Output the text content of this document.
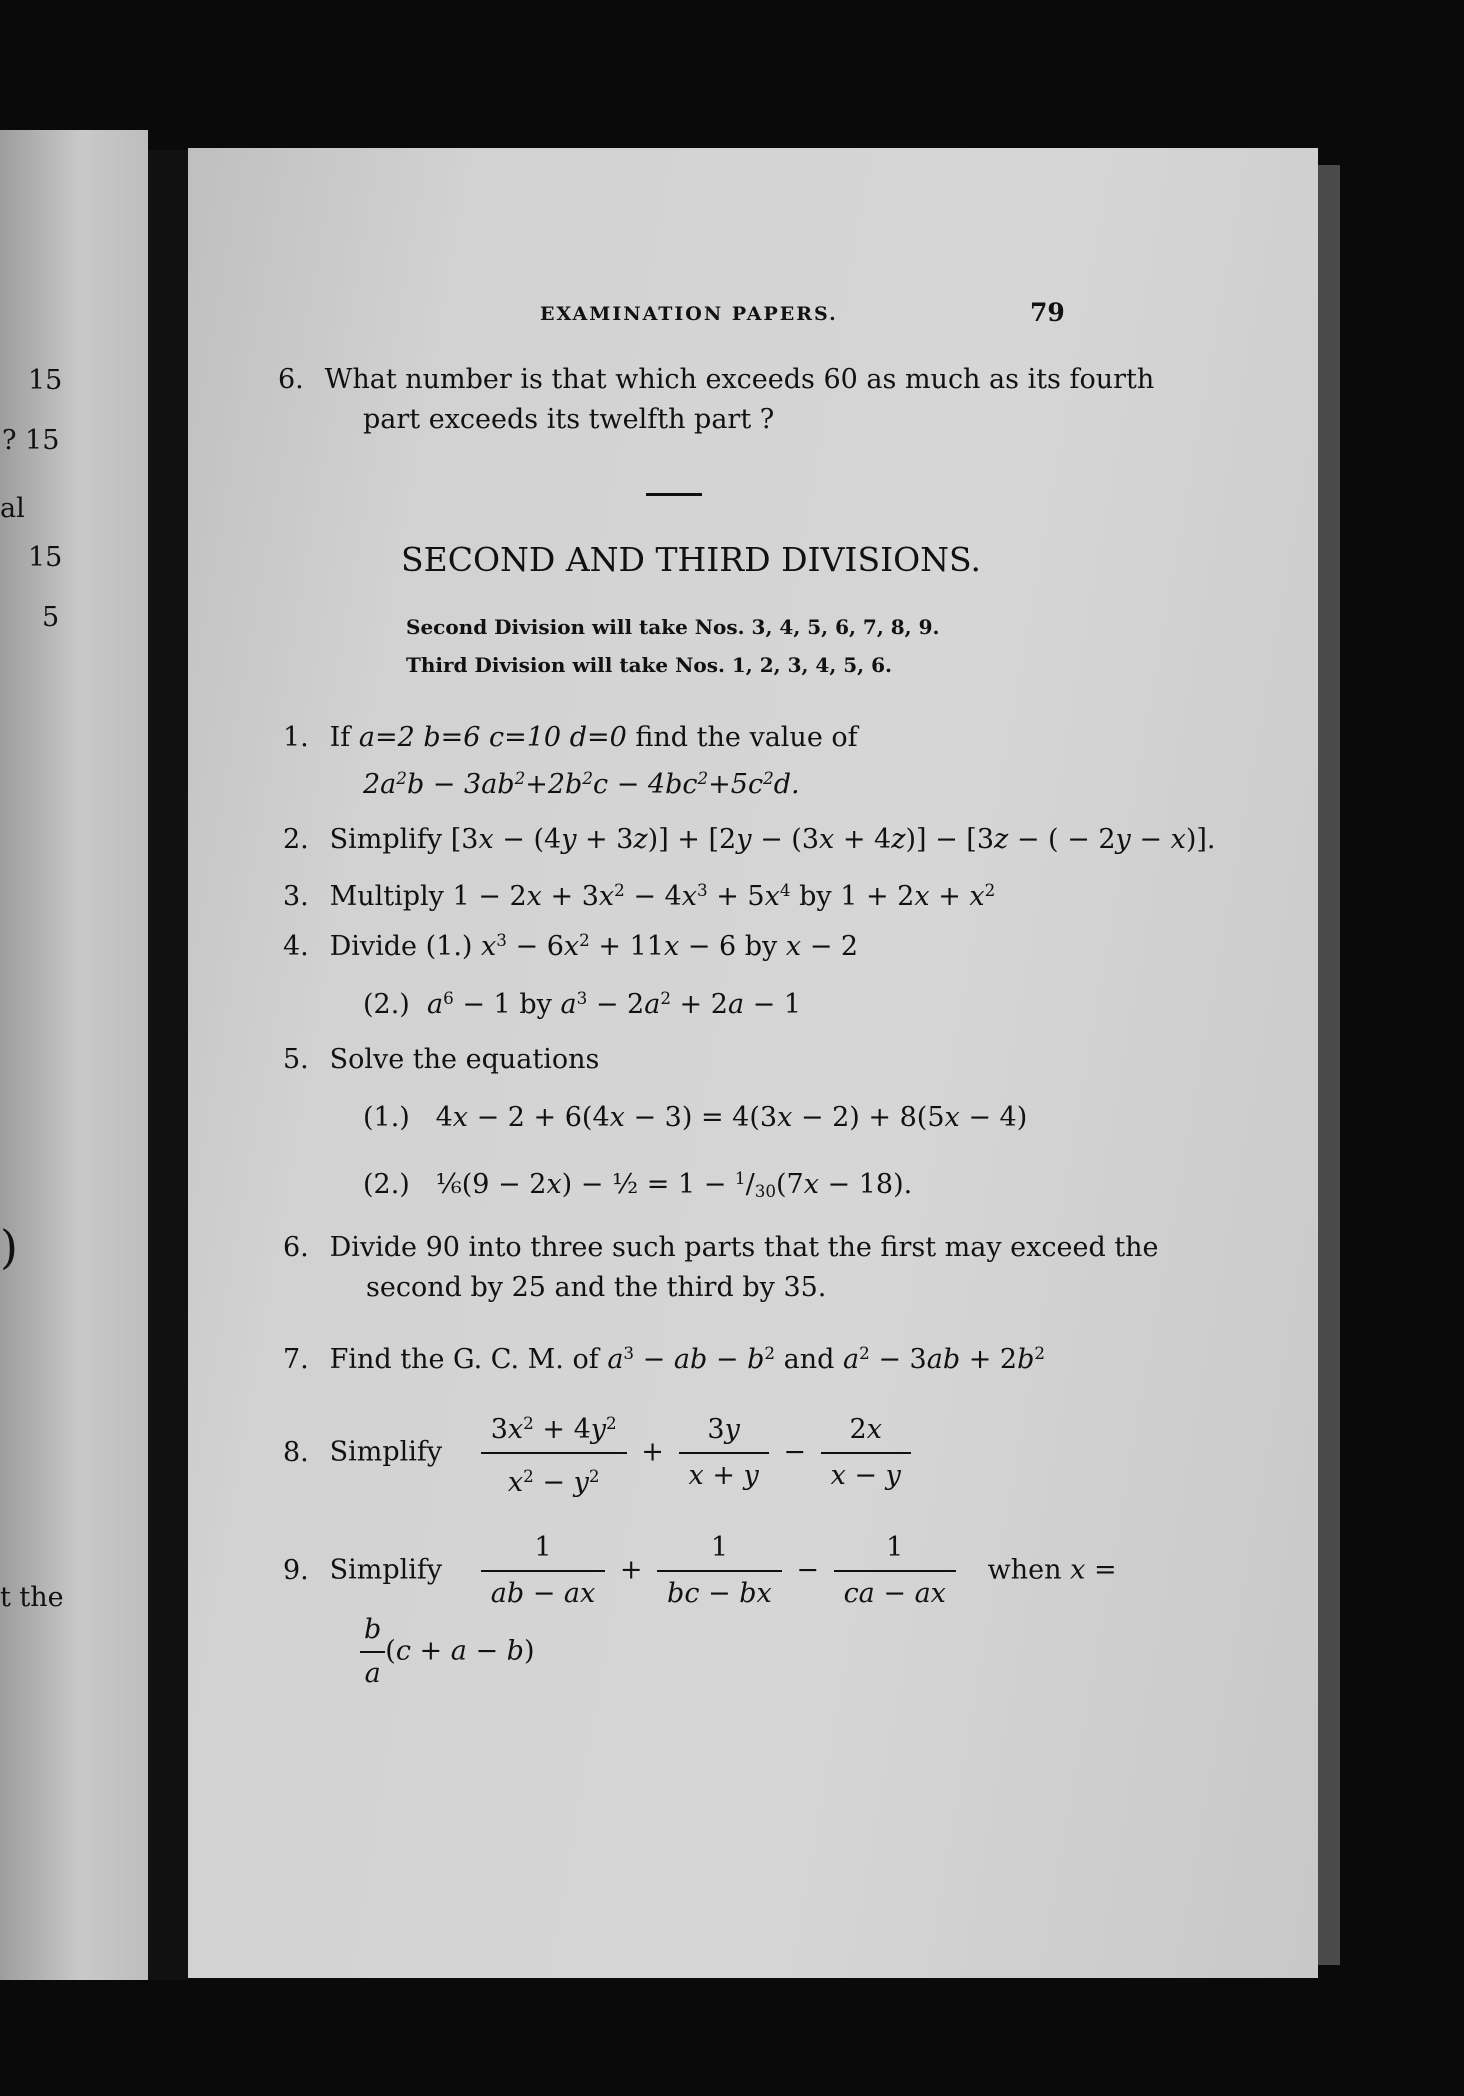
15
? 15
al
15
5
)
t the
EXAMINATION PAPERS.	79
6. What number is that which exceeds 60 as much as its fourth
part exceeds its twelfth part ?
SECOND AND THIRD DIVISIONS.
Second Division will take Nos. 3, 4, 5, 6, 7, 8, 9.
Third Division will take Nos. 1, 2, 3, 4, 5, 6.
1. If a=2 b=6 c=10 d=0 find the value of
$2a^2b - 3ab^2+2b^2c - 4bc^2+5c^2d$.
2. Simplify [3x − (4y + 3z)] + [2y − (3x + 4z)] − [3z − ( − 2y − x)].
3. Multiply $1 - 2x + 3x^2 - 4x^3 + 5x^4$ by $1 + 2x + x^2$
4. Divide (1.) $x^3 - 6x^2 + 11x - 6$ by x − 2
(2.) $a^6 - 1$ by $a^3 - 2a^2 + 2a - 1$
5. Solve the equations
(1.) 4x − 2 + 6(4x − 3) = 4(3x − 2) + 8(5x − 4)
(2.) ⅙(9 − 2x) − ½ = $1 - ^1/_{30}(7x - 18)$.
6. Divide 90 into three such parts that the first may exceed the
second by 25 and the third by 35.
7. Find the G. C. M. of $a^3$ − ab − $b^2$ and $a^2 - 3ab + 2b^2$
8. Simplify $\frac{3x^2 + 4y^2}{x^2 - y^2} + \frac{3y}{x + y} - \frac{2x}{x - y}$
9. Simplify $\frac{1}{ab - ax} + \frac{1}{bc - bx} - \frac{1}{ca - ax}$ when x =
$\frac{b}{a} (c + a - b)$
